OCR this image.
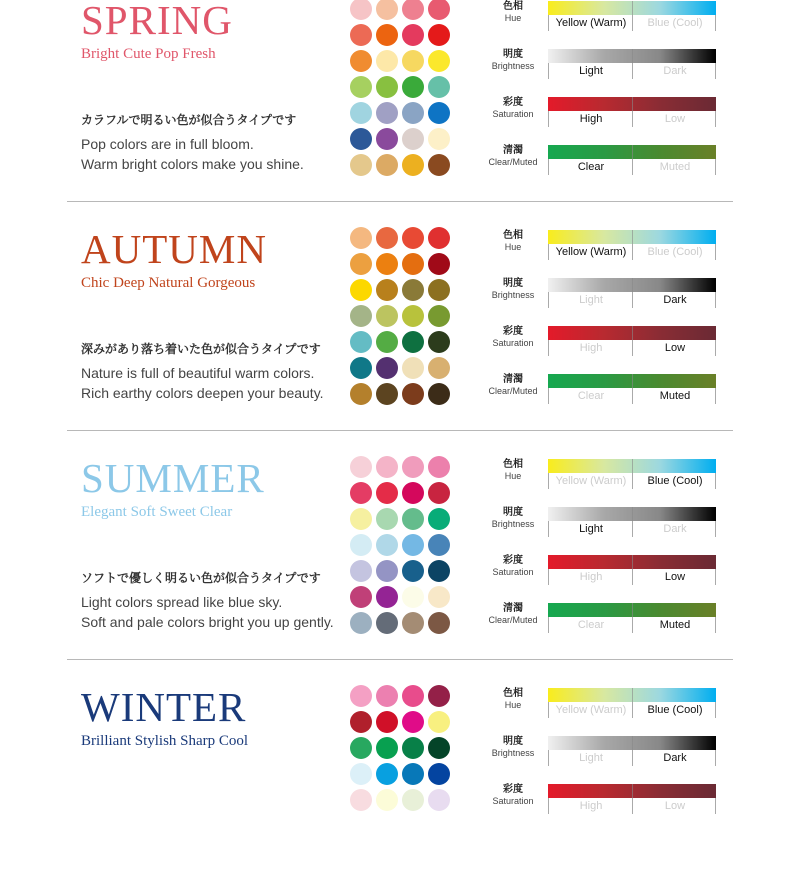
SPRING
Bright Cute Pop Fresh
カラフルで明るい色が似合うタイプです
Pop colors are in full bloom.
Warm bright colors make you shine.
色相
Hue	Yellow (Warm)	Blue (Cool)
明度
Brightness	Light	Dark
彩度
Saturation	High	Low
清濁
Clear/Muted	Clear	Muted
AUTUMN
Chic Deep Natural Gorgeous
深みがあり落ち着いた色が似合うタイプです
Nature is full of beautiful warm colors.
Rich earthy colors deepen your beauty.
色相
Hue	Yellow (Warm)	Blue (Cool)
明度
Brightness	Light	Dark
彩度
Saturation	High	Low
清濁
Clear/Muted	Clear	Muted
SUMMER
Elegant Soft Sweet Clear
ソフトで優しく明るい色が似合うタイプです
Light colors spread like blue sky.
Soft and pale colors bright you up gently.
色相
Hue	Yellow (Warm)	Blue (Cool)
明度
Brightness	Light	Dark
彩度
Saturation	High	Low
清濁
Clear/Muted	Clear	Muted
WINTER
Brilliant Stylish Sharp Cool
色相
Hue	Yellow (Warm)	Blue (Cool)
明度
Brightness	Light	Dark
彩度
Saturation	High	Low
